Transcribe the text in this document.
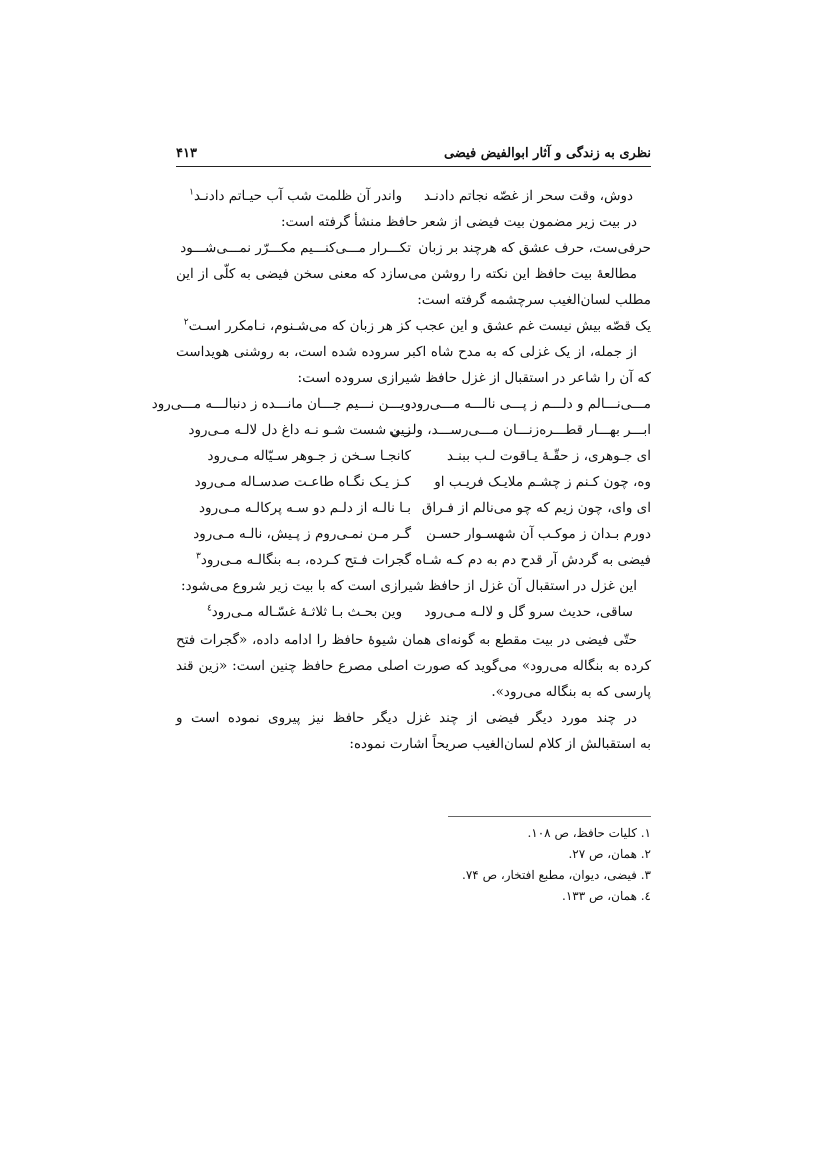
نظری به زندگی و آثار ابوالفیض فیضی
۴۱۳
دوش، وقت سحر از غصّه نجاتم دادنـد
واندر آن ظلمت شب آب حیـاتم دادنـد$^۱$
در بیت زیر مضمون بیت فیضی از شعر حافظ منشأ گرفته است:
حرفی‌ست، حرف عشق که هرچند بر زبان
تکـــرار مـــی‌کنـــیم مکـــرّر نمـــی‌شـــود
مطالعهٔ بیت حافظ این نکته را روشن می‌سازد که معنی سخن فیضی به کلّی از این
مطلب لسان‌الغیب سرچشمه گرفته است:
یک قصّه بیش نیست غم عشق و این عجب
کز هر زبان که می‌شـنوم، نـامکرر اسـت$^۲$
از جمله، از یک غزلی که به مدح شاه اکبر سروده شده است، به روشنی هویداست
که آن را شاعر در استقبال از غزل حافظ شیرازی سروده است:
مـــی‌نـــالم و دلـــم ز پـــی نالـــه مـــی‌رود
ویـــن نـــیم جـــان مانـــده ز دنبالـــه مـــی‌رود
ابـــر بهـــار قطـــره‌زنـــان مـــی‌رســـد، ولـــی
زین شست شـو نـه داغ دل لالـه مـی‌رود
ای جـوهری، ز حقّـهٔ یـاقوت لـب ببنـد
کانجـا سـخن ز جـوهر سـیّاله مـی‌رود
وه، چون کـنم ز چشـم ملایـک فریـب او
کـز یـک نگـاه طاعـت صدسـاله مـی‌رود
ای وای، چون زیم که چو می‌نالم از فـراق
بـا نالـه از دلـم دو سـه پرکالـه مـی‌رود
دورم بـدان ز موکـب آن شهسـوار حسـن
گـر مـن نمـی‌روم ز پـیش، نالـه مـی‌رود
فیضی به گردش آر قدح دم به دم کـه شـاه
گجرات فـتح کـرده، بـه بنگالـه مـی‌رود$^۳$
این غزل در استقبال آن غزل از حافظ شیرازی است که با بیت زیر شروع می‌شود:
ساقی، حدیث سرو گل و لالـه مـی‌رود
وین بحـث بـا ثلاثـهٔ غسّـاله مـی‌رود$^٤$
حتّی فیضی در بیت مقطع به گونه‌ای همان شیوهٔ حافظ را ادامه داده، «گجرات فتح
کرده به بنگاله می‌رود» می‌گوید که صورت اصلی مصرع حافظ چنین است: «زین قند
پارسی که به بنگاله می‌رود».
در چند مورد دیگر فیضی از چند غزل دیگر حافظ نیز پیروی نموده است و
به استقبالش از کلام لسان‌الغیب صریحاً اشارت نموده:
۱. کلیات حافظ، ص ۱۰۸.
۲. همان، ص ۲۷.
۳. فیضی، دیوان، مطبع افتخار، ص ۷۴.
٤. همان، ص ۱۳۳.
